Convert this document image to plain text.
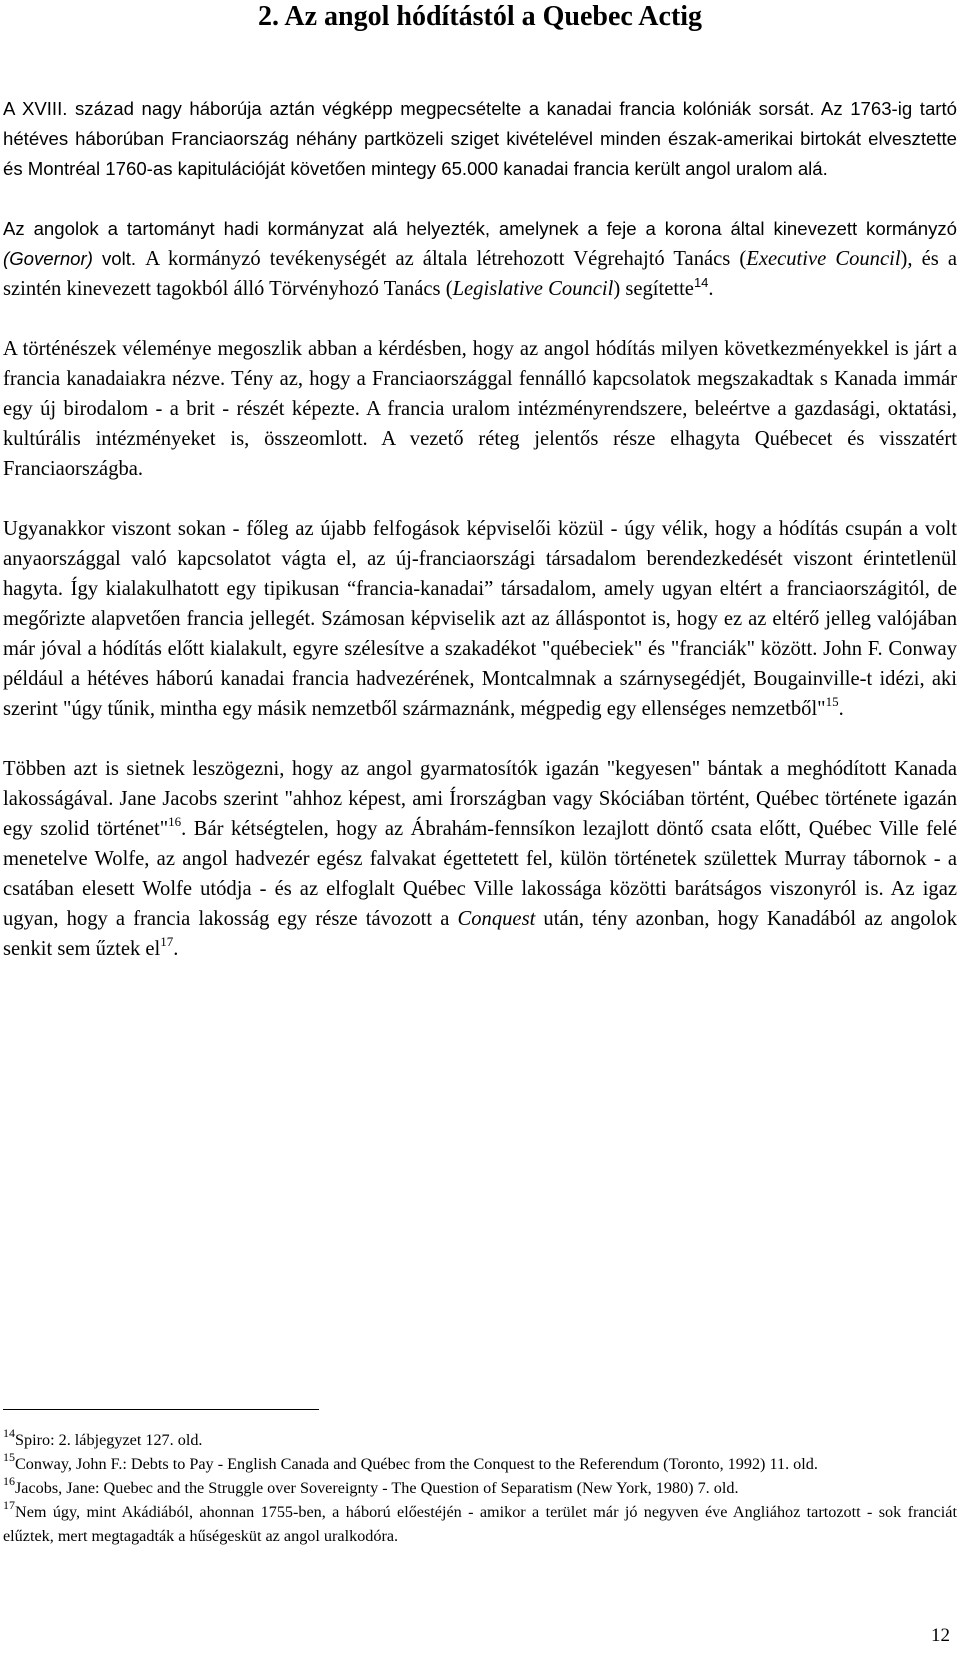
2. Az angol hódítástól a Quebec Actig

A XVIII. század nagy háborúja aztán végképp megpecsételte a kanadai francia kolóniák sorsát. Az 1763-ig tartó hétéves háborúban Franciaország néhány partközeli sziget kivételével minden észak-amerikai birtokát elvesztette és Montréal 1760-as kapitulációját követően mintegy 65.000 kanadai francia került angol uralom alá.

Az angolok a tartományt hadi kormányzat alá helyezték, amelynek a feje a korona által kinevezett kormányzó (Governor) volt. A kormányzó tevékenységét az általa létrehozott Végrehajtó Tanács (Executive Council), és a szintén kinevezett tagokból álló Törvényhozó Tanács (Legislative Council) segítette$^{14}$.

A történészek véleménye megoszlik abban a kérdésben, hogy az angol hódítás milyen következményekkel is járt a francia kanadaiakra nézve. Tény az, hogy a Franciaországgal fennálló kapcsolatok megszakadtak s Kanada immár egy új birodalom - a brit - részét képezte. A francia uralom intézményrendszere, beleértve a gazdasági, oktatási, kultúrális intézményeket is, összeomlott. A vezető réteg jelentős része elhagyta Québecet és visszatért Franciaországba.

Ugyanakkor viszont sokan - főleg az újabb felfogások képviselői közül - úgy vélik, hogy a hódítás csupán a volt anyaországgal való kapcsolatot vágta el, az új-franciaországi társadalom berendezkedését viszont érintetlenül hagyta. Így kialakulhatott egy tipikusan “francia-kanadai” társadalom, amely ugyan eltért a franciaországitól, de megőrizte alapvetően francia jellegét. Számosan képviselik azt az álláspontot is, hogy ez az eltérő jelleg valójában már jóval a hódítás előtt kialakult, egyre szélesítve a szakadékot "québeciek" és "franciák" között. John F. Conway például a hétéves háború kanadai francia hadvezérének, Montcalmnak a szárnysegédjét, Bougainville-t idézi, aki szerint "úgy tűnik, mintha egy másik nemzetből származnánk, mégpedig egy ellenséges nemzetből"$^{15}$.

Többen azt is sietnek leszögezni, hogy az angol gyarmatosítók igazán "kegyesen" bántak a meghódított Kanada lakosságával. Jane Jacobs szerint "ahhoz képest, ami Írországban vagy Skóciában történt, Québec története igazán egy szolid történet"$^{16}$. Bár kétségtelen, hogy az Ábrahám-fennsíkon lezajlott döntő csata előtt, Québec Ville felé menetelve Wolfe, az angol hadvezér egész falvakat égettetett fel, külön történetek születtek Murray tábornok - a csatában elesett Wolfe utódja - és az elfoglalt Québec Ville lakossága közötti barátságos viszonyról is. Az igaz ugyan, hogy a francia lakosság egy része távozott a Conquest után, tény azonban, hogy Kanadából az angolok senkit sem űztek $el^{17}$.

$^{14}$Spiro: 2. lábjegyzet 127. old.

$^{15}$Conway, John F.: Debts to Pay - English Canada and Québec from the Conquest to the Referendum (Toronto, 1992) 11. old.

$^{16}$Jacobs, Jane: Quebec and the Struggle over Sovereignty - The Question of Separatism (New York, 1980) 7. old.

$^{17}$Nem úgy, mint Akádiából, ahonnan 1755-ben, a háború előestéjén - amikor a terület már jó negyven éve Angliához tartozott - sok franciát elűztek, mert megtagadták a hűségesküt az angol uralkodóra.

12
